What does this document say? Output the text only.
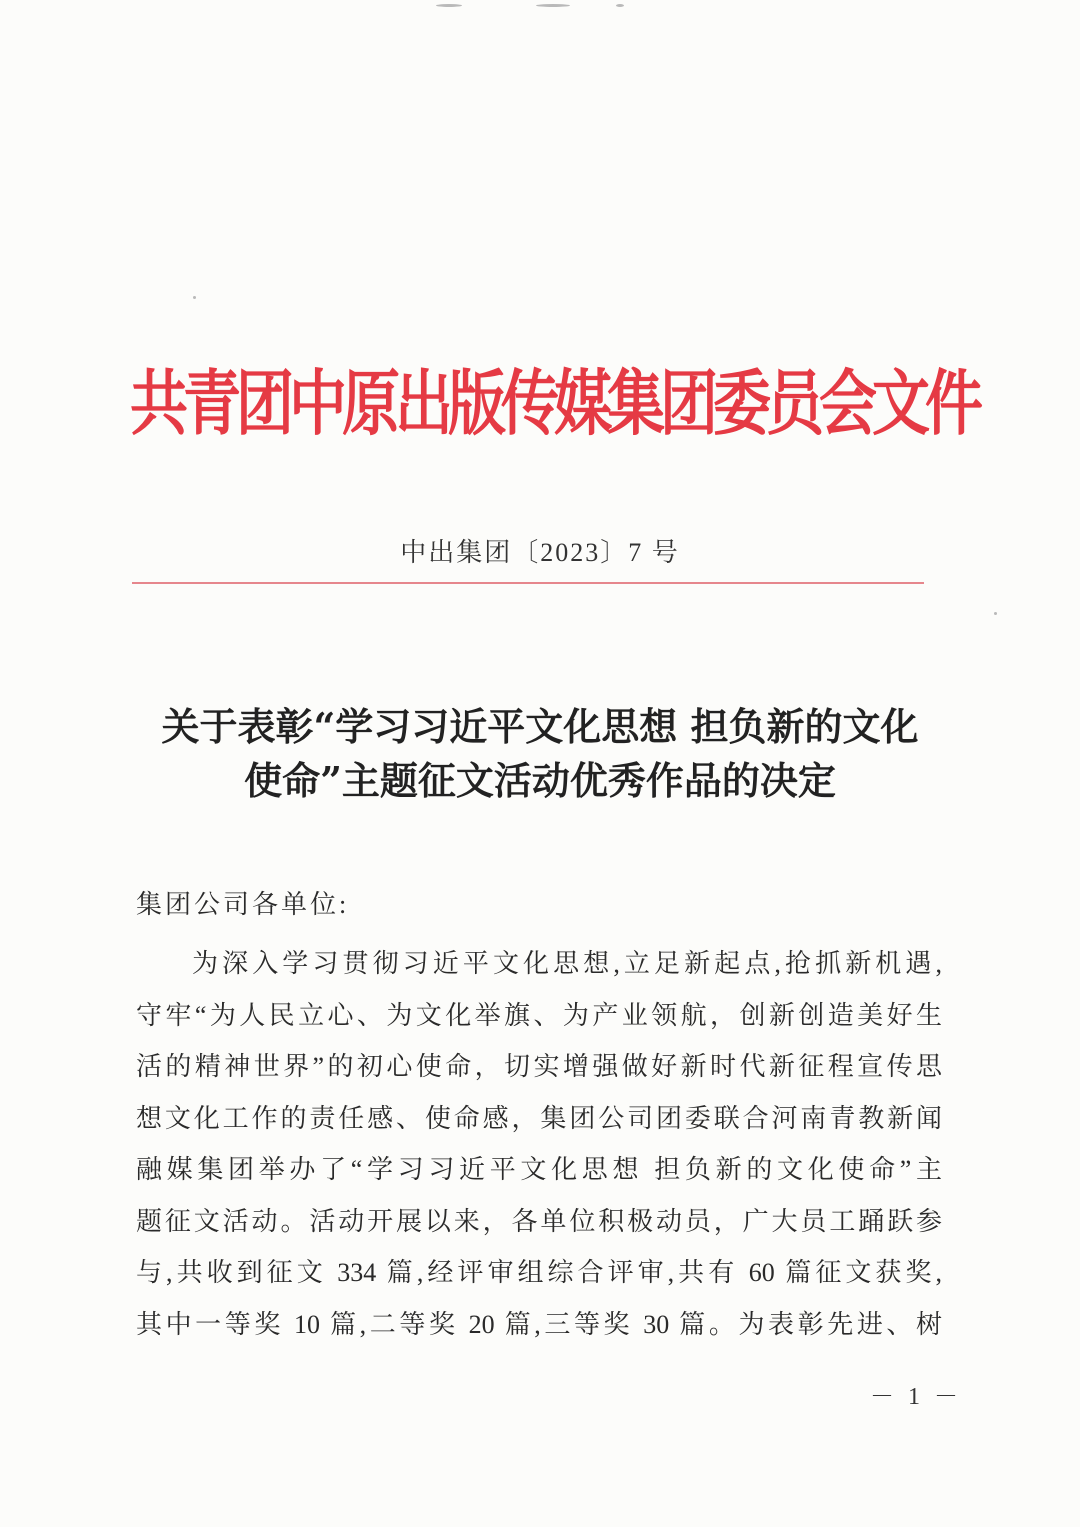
共青团中原出版传媒集团委员会文件
中出集团〔2023〕7 号
关于表彰“学习习近平文化思想 担负新的文化
使命”主题征文活动优秀作品的决定
集团公司各单位:
为深入学习贯彻习近平文化思想,立足新起点,抢抓新机遇,
守牢“为人民立心、为文化举旗、为产业领航，创新创造美好生
活的精神世界”的初心使命，切实增强做好新时代新征程宣传思
想文化工作的责任感、使命感，集团公司团委联合河南青教新闻
融媒集团举办了“学习习近平文化思想 担负新的文化使命”主
题征文活动。活动开展以来，各单位积极动员，广大员工踊跃参
与,共收到征文 334 篇,经评审组综合评审,共有 60 篇征文获奖,
其中一等奖 10 篇,二等奖 20 篇,三等奖 30 篇。为表彰先进、树
－ 1 －
